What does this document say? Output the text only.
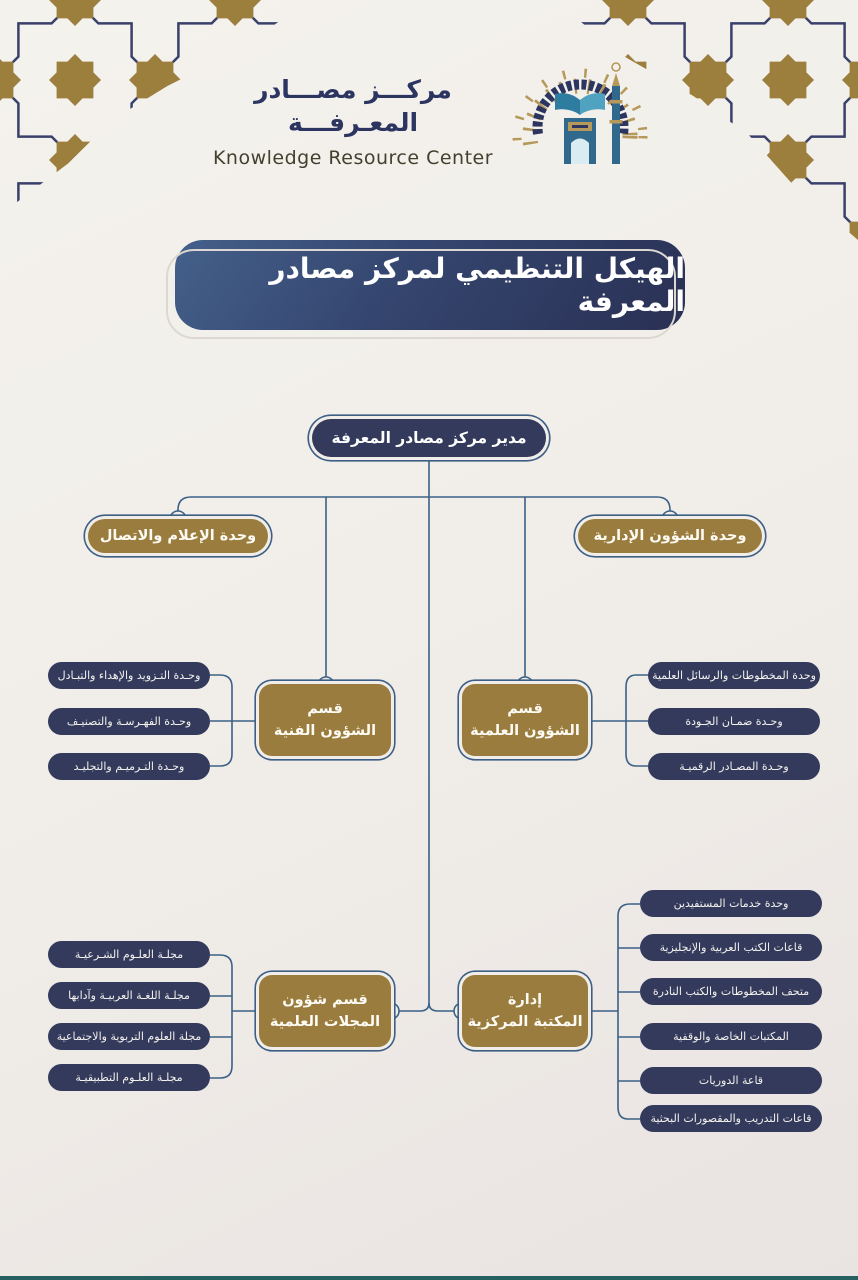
مركـــز مصـــادر المعـرفـــة
Knowledge Resource Center
الهيكل التنظيمي لمركز مصادر المعرفة
مدير مركز مصادر المعرفة
وحدة الإعلام والاتصال	وحدة الشؤون الإدارية
قسم
الشؤون الفنية
وحـدة التـزويد والإهداء والتبـادل
وحـدة الفهـرسـة والتصنيـف
وحـدة التـرميـم والتجليـد
قسم
الشؤون العلمية
وحدة المخطوطات والرسائل العلمية
وحـدة ضمـان الجـودة
وحـدة المصـادر الرقميـة
قسم شؤون
المجلات العلمية
مجلـة العلـوم الشـرعيـة
مجلـة اللغـة العربيـة وآدابها
مجلة العلوم التربوية والاجتماعية
مجلـة العلـوم التطبيقيـة
إدارة
المكتبة المركزية
وحدة خدمات المستفيدين
قاعات الكتب العربية والإنجليزية
متحف المخطوطات والكتب النادرة
المكتبات الخاصة والوقفية
قاعة الدوريات
قاعات التدريب والمقصورات البحثية
